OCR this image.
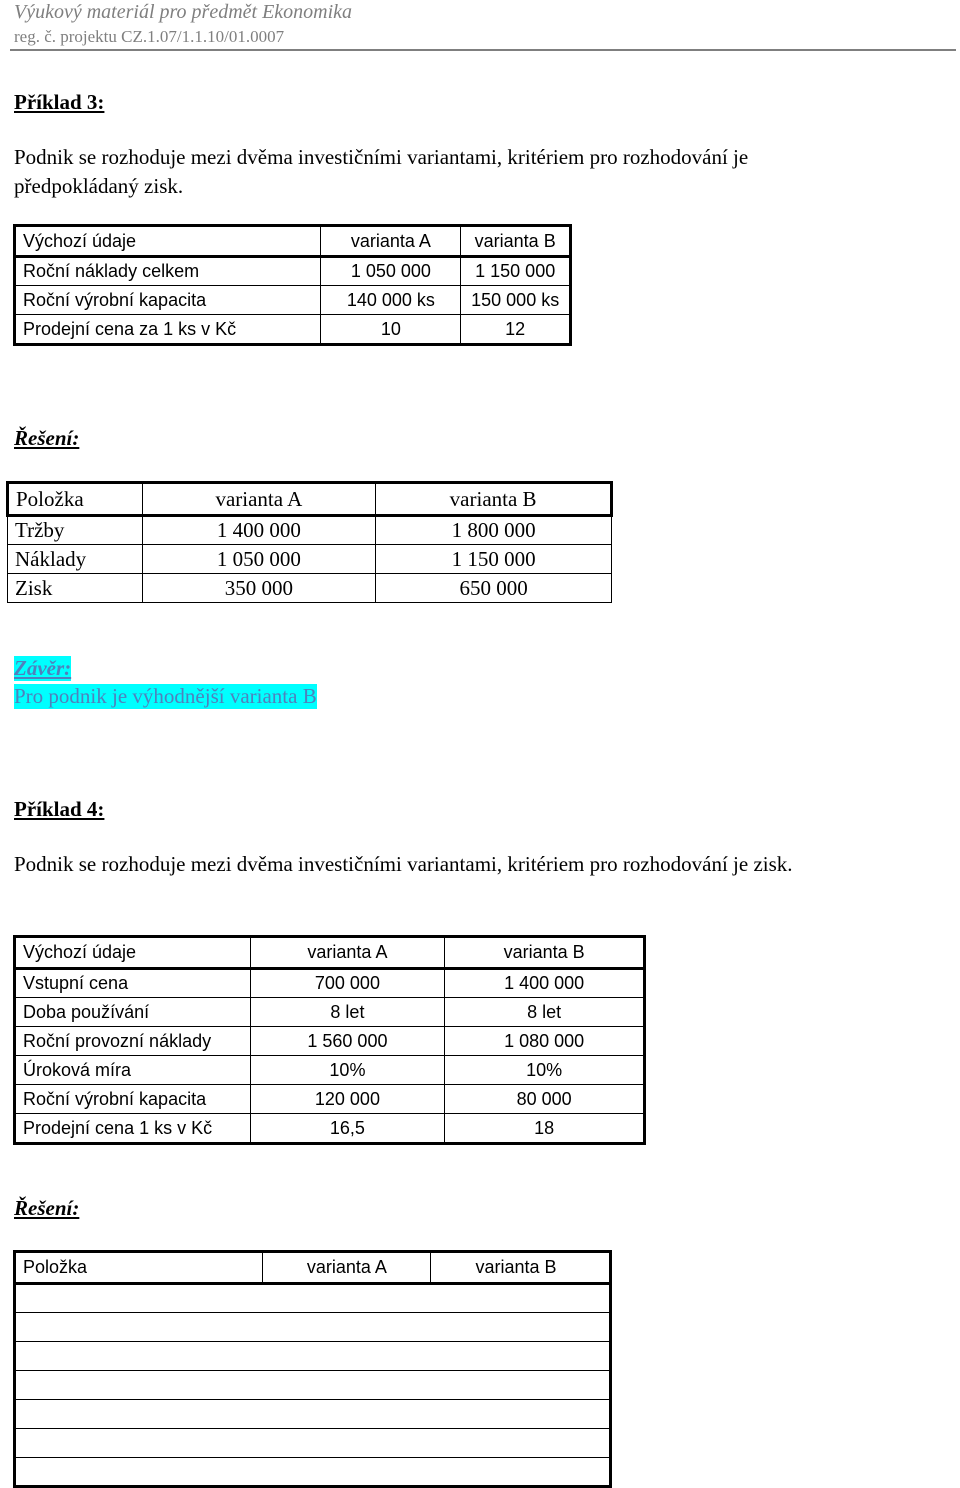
Výukový materiál pro předmět Ekonomika
reg. č. projektu CZ.1.07/1.1.10/01.0007
Příklad 3:
Podnik se rozhoduje mezi dvěma investičními variantami, kritériem pro rozhodování je
předpokládaný zisk.
Výchozí údaje	varianta A	varianta B
Roční náklady celkem	1 050 000	1 150 000
Roční výrobní kapacita	140 000 ks	150 000 ks
Prodejní cena za 1 ks v Kč	10	12
Řešení:
Položka	varianta A	varianta B
Tržby	1 400 000	1 800 000
Náklady	1 050 000	1 150 000
Zisk	350 000	650 000
Závěr:
Pro podnik je výhodnější varianta B
Příklad 4:
Podnik se rozhoduje mezi dvěma investičními variantami, kritériem pro rozhodování je zisk.
Výchozí údaje	varianta A	varianta B
Vstupní cena	700 000	1 400 000
Doba používání	8 let	8 let
Roční provozní náklady	1 560 000	1 080 000
Úroková míra	10%	10%
Roční výrobní kapacita	120 000	80 000
Prodejní cena 1 ks v Kč	16,5	18
Řešení:
Položka	varianta A	varianta B
